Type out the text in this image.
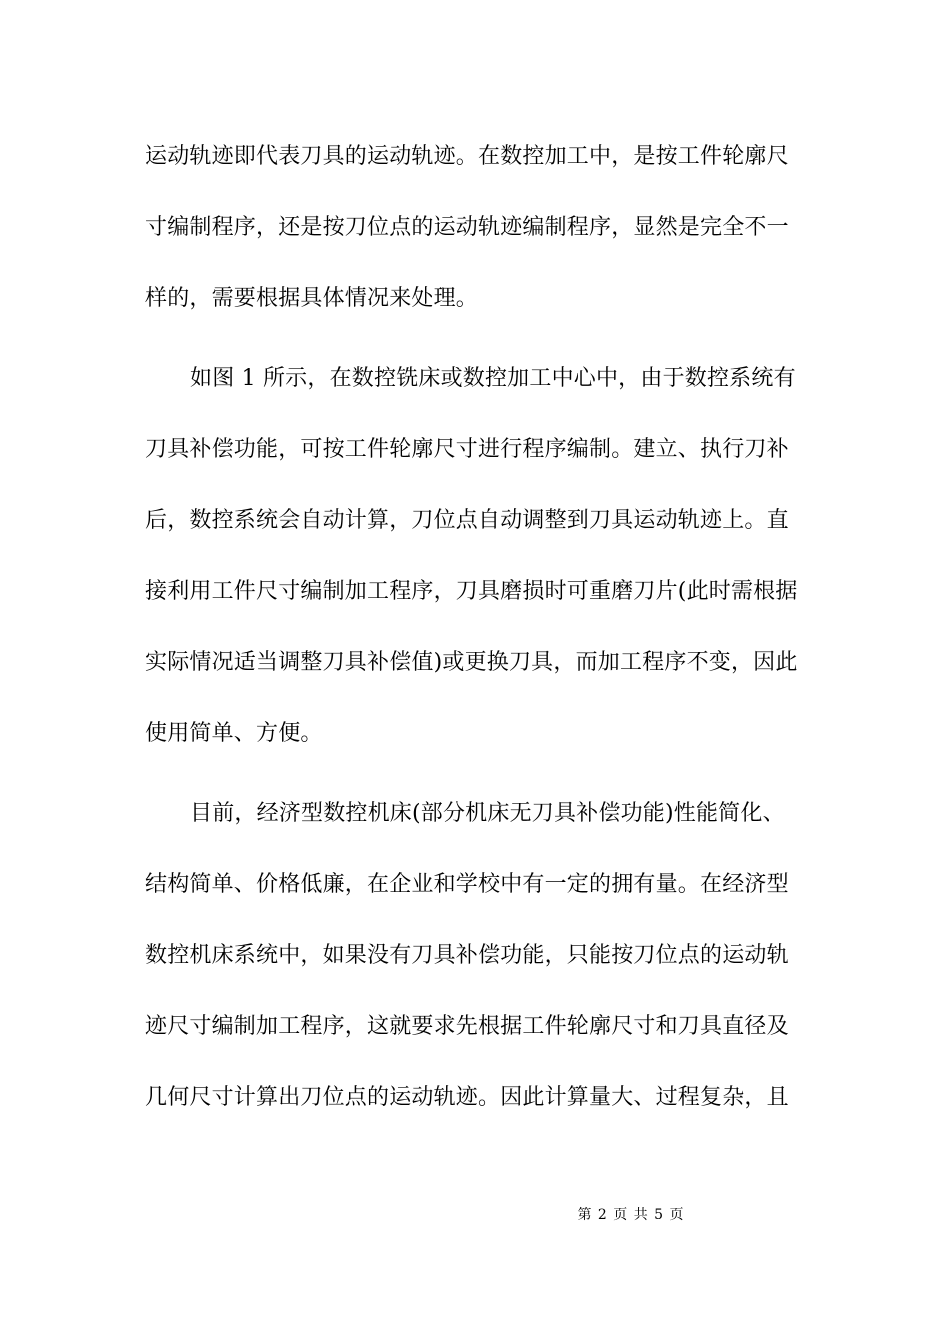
运动轨迹即代表刀具的运动轨迹。在数控加工中，是按工件轮廓尺
寸编制程序，还是按刀位点的运动轨迹编制程序，显然是完全不一
样的，需要根据具体情况来处理。
如图 1 所示，在数控铣床或数控加工中心中，由于数控系统有
刀具补偿功能，可按工件轮廓尺寸进行程序编制。建立、执行刀补
后，数控系统会自动计算，刀位点自动调整到刀具运动轨迹上。直
接利用工件尺寸编制加工程序，刀具磨损时可重磨刀片(此时需根据
实际情况适当调整刀具补偿值)或更换刀具，而加工程序不变，因此
使用简单、方便。
目前，经济型数控机床(部分机床无刀具补偿功能)性能简化、
结构简单、价格低廉，在企业和学校中有一定的拥有量。在经济型
数控机床系统中，如果没有刀具补偿功能，只能按刀位点的运动轨
迹尺寸编制加工程序，这就要求先根据工件轮廓尺寸和刀具直径及
几何尺寸计算出刀位点的运动轨迹。因此计算量大、过程复杂，且
第 2 页 共 5 页
